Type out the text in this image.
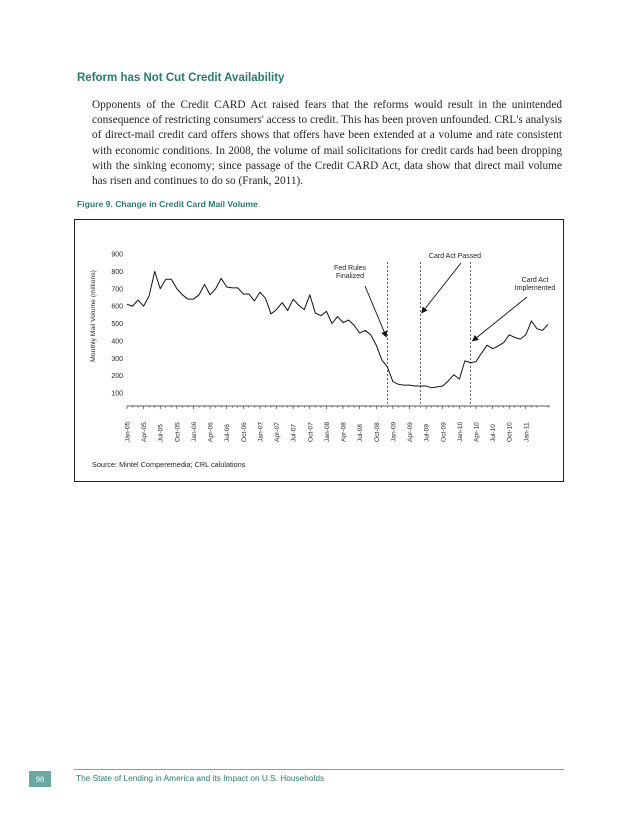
Reform has Not Cut Credit Availability

Opponents of the Credit CARD Act raised fears that the reforms would result in the unintended consequence of restricting consumers' access to credit. This has been proven unfounded. CRL's analysis of direct-mail credit card offers shows that offers have been extended at a volume and rate consistent with economic conditions. In 2008, the volume of mail solicitations for credit cards had been dropping with the sinking economy; since passage of the Credit CARD Act, data show that direct mail volume has risen and continues to do so (Frank, 2011).

Figure 9. Change in Credit Card Mail Volume

100
200
300
400
500
600
700
800
900
Monthly Mail Volume (millions)
Jan-05 Apr-05 Jul-05 Oct-05 Jan-06 Apr-06 Jul-06 Oct-06 Jan-07 Apr-07 Jul-07 Oct-07 Jan-08 Apr-08 Jul-08 Oct-08 Jan-09 Apr-09 Jul-09 Oct-09 Jan-10 Apr-10 Jul-10 Oct-10 Jan-11
Fed Rules
Finalized
Card Act Passed
Card Act
Implemented

Source: Mintel Comperemedia; CRL calulations

98	The State of Lending in America and its Impact on U.S. Households
